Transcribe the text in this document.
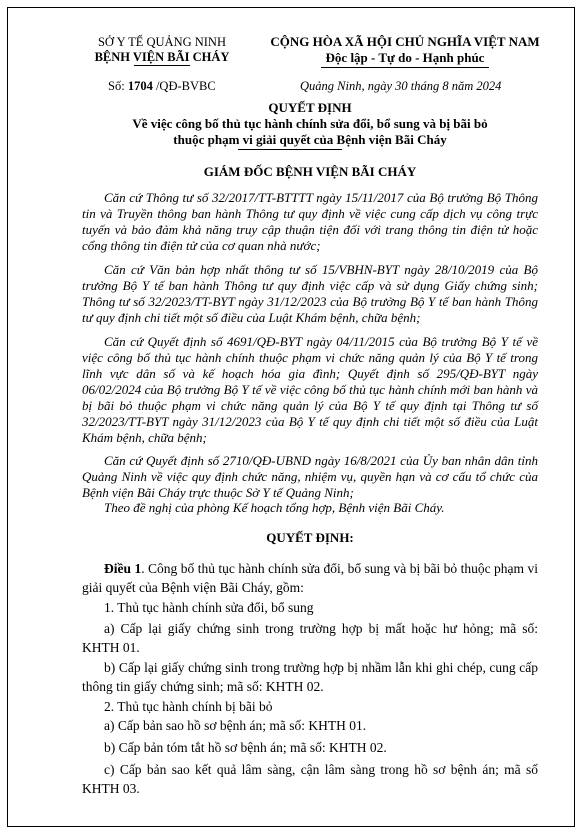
SỞ Y TẾ QUẢNG NINH
BỆNH VIỆN BÃI CHÁY
Số: 1704 /QĐ-BVBC
CỘNG HÒA XÃ HỘI CHỦ NGHĨA VIỆT NAM
Độc lập - Tự do - Hạnh phúc
Quảng Ninh, ngày 30 tháng 8 năm 2024
QUYẾT ĐỊNH
Về việc công bố thủ tục hành chính sửa đổi, bổ sung và bị bãi bỏ
thuộc phạm vi giải quyết của Bệnh viện Bãi Cháy
GIÁM ĐỐC BỆNH VIỆN BÃI CHÁY
Căn cứ Thông tư số 32/2017/TT-BTTTT ngày 15/11/2017 của Bộ trưởng Bộ Thông tin và Truyền thông ban hành Thông tư quy định về việc cung cấp dịch vụ công trực tuyến và bảo đảm khả năng truy cập thuận tiện đối với trang thông tin điện tử hoặc cổng thông tin điện tử của cơ quan nhà nước;
Căn cứ Văn bản hợp nhất thông tư số 15/VBHN-BYT ngày 28/10/2019 của Bộ trưởng Bộ Y tế ban hành Thông tư quy định việc cấp và sử dụng Giấy chứng sinh; Thông tư số 32/2023/TT-BYT ngày 31/12/2023 của Bộ trưởng Bộ Y tế ban hành Thông tư quy định chi tiết một số điều của Luật Khám bệnh, chữa bệnh;
Căn cứ Quyết định số 4691/QĐ-BYT ngày 04/11/2015 của Bộ trưởng Bộ Y tế về việc công bố thủ tục hành chính thuộc phạm vi chức năng quản lý của Bộ Y tế trong lĩnh vực dân số và kế hoạch hóa gia đình; Quyết định số 295/QĐ-BYT ngày 06/02/2024 của Bộ trưởng Bộ Y tế về việc công bố thủ tục hành chính mới ban hành và bị bãi bỏ thuộc phạm vi chức năng quản lý của Bộ Y tế quy định tại Thông tư số 32/2023/TT-BYT ngày 31/12/2023 của Bộ Y tế quy định chi tiết một số điều của Luật Khám bệnh, chữa bệnh;
Căn cứ Quyết định số 2710/QĐ-UBND ngày 16/8/2021 của Ủy ban nhân dân tỉnh Quảng Ninh về việc quy định chức năng, nhiệm vụ, quyền hạn và cơ cấu tổ chức của Bệnh viện Bãi Cháy trực thuộc Sở Y tế Quảng Ninh;
Theo đề nghị của phòng Kế hoạch tổng hợp, Bệnh viện Bãi Cháy.
QUYẾT ĐỊNH:
Điều 1. Công bố thủ tục hành chính sửa đổi, bổ sung và bị bãi bỏ thuộc phạm vi giải quyết của Bệnh viện Bãi Cháy, gồm:
1. Thủ tục hành chính sửa đổi, bổ sung
a) Cấp lại giấy chứng sinh trong trường hợp bị mất hoặc hư hỏng; mã số: KHTH 01.
b) Cấp lại giấy chứng sinh trong trường hợp bị nhầm lẫn khi ghi chép, cung cấp thông tin giấy chứng sinh; mã số: KHTH 02.
2. Thủ tục hành chính bị bãi bỏ
a) Cấp bản sao hồ sơ bệnh án; mã số: KHTH 01.
b) Cấp bản tóm tắt hồ sơ bệnh án; mã số: KHTH 02.
c) Cấp bản sao kết quả lâm sàng, cận lâm sàng trong hồ sơ bệnh án; mã số KHTH 03.
